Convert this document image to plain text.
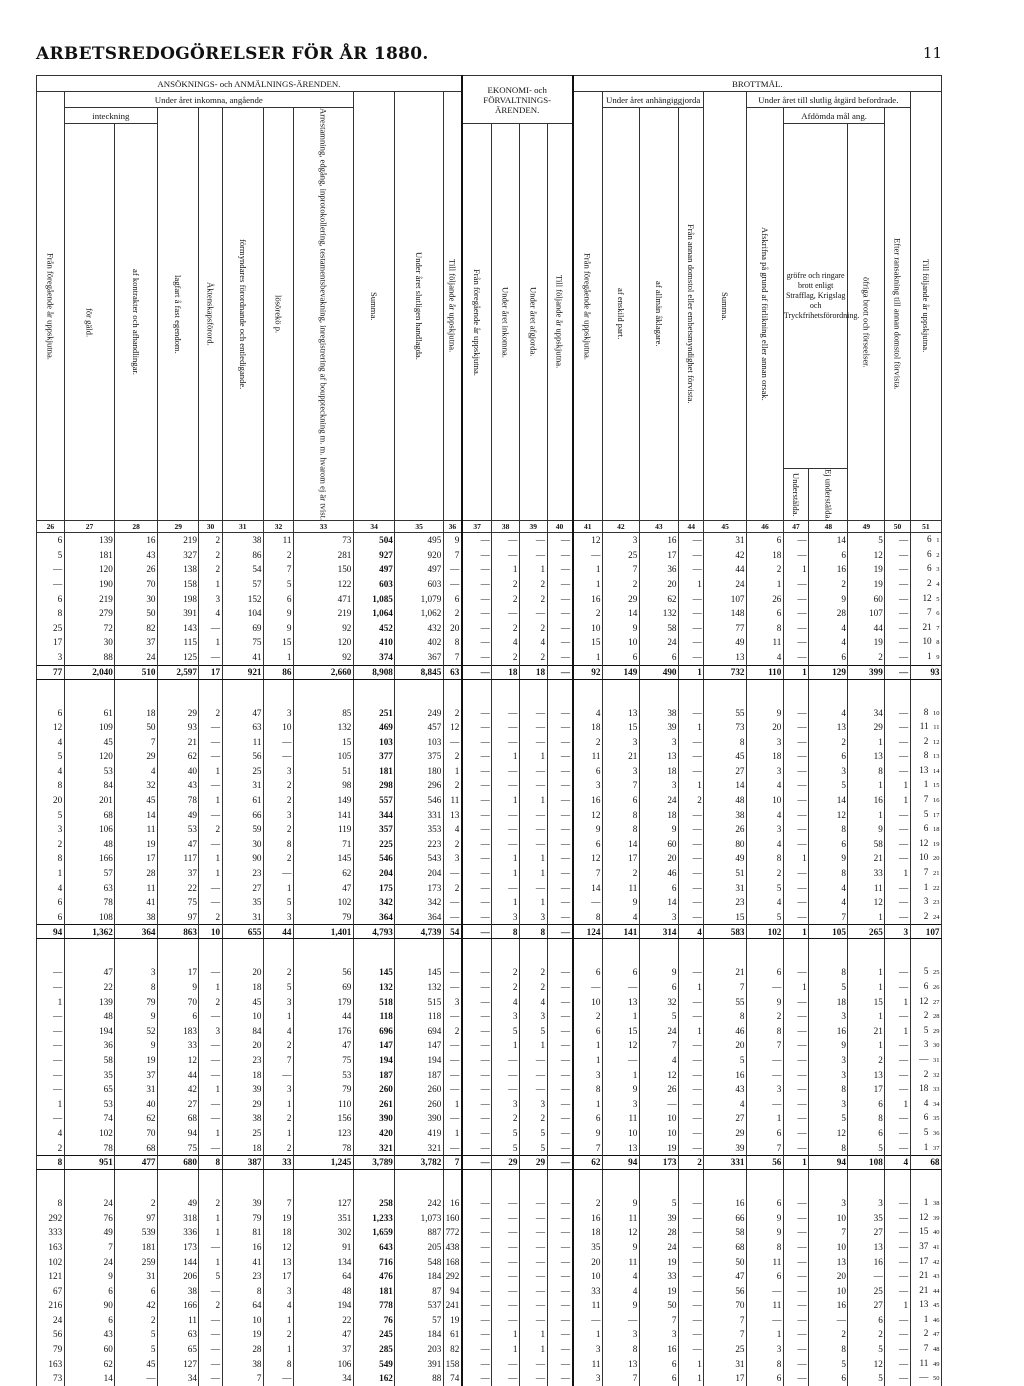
ARBETSREDOGÖRELSER FÖR ÅR 1880.	11
ANSÖKNINGS- och ANMÄLNINGS-ÄRENDEN.											EKONOMI- och FÖRVALTNINGS-ÄRENDEN.				BROTTMÅL.										

Från föregående år uppskjutna.	Under året inkomna, angående							Summa.	Under året slutligen handlagda.	Till följande år uppskjutna.					Från föregående år uppskjutna.	Under året anhängiggjorda			Summa.	Under året till slutlig åtgärd befordrade.					Till följande år uppskjutna.

	inteckning		lagfart å fast egendom.	Äktenskapsförord.	förmyndares förordnande och entledigande.	lösörekö p.	Arrestamning, edgång, inprotokollering, testamentsbevakning, inregistrering af bouppteckning m. m. hvarom ej är tvist.									af enskild part.	af allmän åklagare.	Från annan domstol eller embetsmyndighet förvista.		Afskrifna på grund af förlikning eller annan orsak.	Afdömda mål ang.			Efter ransakning till annan domstol förvista.	

	för gäld.	af kontrakter och afhandlingar.									Från föregående år uppskjutna.	Under året inkomna.	Under året afgjorda.	Till följande år uppskjutna.							gröfre och ringare brott enligt Strafflag, Krigslag och Tryckfrihetsförordning.		öfriga brott och förseelser.		

																					Understälda.	Ej understälda.			

26	27	28	29	30	31	32	33	34	35	36	37	38	39	40	41	42	43	44	45	46	47	48	49	50	51
6	139	16	219	2	38	11	73	504	495	9	—	—	—	—	12	3	16	—	31	6	—	14	5	—	6 1
5	181	43	327	2	86	2	281	927	920	7	—	—	—	—	—	25	17	—	42	18	—	6	12	—	6 2
—	120	26	138	2	54	7	150	497	497	—	—	1	1	—	1	7	36	—	44	2	1	16	19	—	6 3
—	190	70	158	1	57	5	122	603	603	—	—	2	2	—	1	2	20	1	24	1	—	2	19	—	2 4
6	219	30	198	3	152	6	471	1,085	1,079	6	—	2	2	—	16	29	62	—	107	26	—	9	60	—	12 5
8	279	50	391	4	104	9	219	1,064	1,062	2	—	—	—	—	2	14	132	—	148	6	—	28	107	—	7 6
25	72	82	143	—	69	9	92	452	432	20	—	2	2	—	10	9	58	—	77	8	—	4	44	—	21 7
17	30	37	115	1	75	15	120	410	402	8	—	4	4	—	15	10	24	—	49	11	—	4	19	—	10 8
3	88	24	125	—	41	1	92	374	367	7	—	2	2	—	1	6	6	—	13	4	—	6	2	—	1 9
77	2,040	510	2,597	17	921	86	2,660	8,908	8,845	63	—	18	18	—	92	149	490	1	732	110	1	129	399	—	93

6	61	18	29	2	47	3	85	251	249	2	—	—	—	—	4	13	38	—	55	9	—	4	34	—	8 10
12	109	50	93	—	63	10	132	469	457	12	—	—	—	—	18	15	39	1	73	20	—	13	29	—	11 11
4	45	7	21	—	11	—	15	103	103	—	—	—	—	—	2	3	3	—	8	3	—	2	1	—	2 12
5	120	29	62	—	56	—	105	377	375	2	—	1	1	—	11	21	13	—	45	18	—	6	13	—	8 13
4	53	4	40	1	25	3	51	181	180	1	—	—	—	—	6	3	18	—	27	3	—	3	8	—	13 14
8	84	32	43	—	31	2	98	298	296	2	—	—	—	—	3	7	3	1	14	4	—	5	1	1	1 15
20	201	45	78	1	61	2	149	557	546	11	—	1	1	—	16	6	24	2	48	10	—	14	16	1	7 16
5	68	14	49	—	66	3	141	344	331	13	—	—	—	—	12	8	18	—	38	4	—	12	1	—	5 17
3	106	11	53	2	59	2	119	357	353	4	—	—	—	—	9	8	9	—	26	3	—	8	9	—	6 18
2	48	19	47	—	30	8	71	225	223	2	—	—	—	—	6	14	60	—	80	4	—	6	58	—	12 19
8	166	17	117	1	90	2	145	546	543	3	—	1	1	—	12	17	20	—	49	8	1	9	21	—	10 20
1	57	28	37	1	23	—	62	204	204	—	—	1	1	—	7	2	46	—	51	2	—	8	33	1	7 21
4	63	11	22	—	27	1	47	175	173	2	—	—	—	—	14	11	6	—	31	5	—	4	11	—	1 22
6	78	41	75	—	35	5	102	342	342	—	—	1	1	—	—	9	14	—	23	4	—	4	12	—	3 23
6	108	38	97	2	31	3	79	364	364	—	—	3	3	—	8	4	3	—	15	5	—	7	1	—	2 24
94	1,362	364	863	10	655	44	1,401	4,793	4,739	54	—	8	8	—	124	141	314	4	583	102	1	105	265	3	107

—	47	3	17	—	20	2	56	145	145	—	—	2	2	—	6	6	9	—	21	6	—	8	1	—	5 25
—	22	8	9	1	18	5	69	132	132	—	—	2	2	—	—	—	6	1	7	—	1	5	1	—	6 26
1	139	79	70	2	45	3	179	518	515	3	—	4	4	—	10	13	32	—	55	9	—	18	15	1	12 27
—	48	9	6	—	10	1	44	118	118	—	—	3	3	—	2	1	5	—	8	2	—	3	1	—	2 28
—	194	52	183	3	84	4	176	696	694	2	—	5	5	—	6	15	24	1	46	8	—	16	21	1	5 29
—	36	9	33	—	20	2	47	147	147	—	—	1	1	—	1	12	7	—	20	7	—	9	1	—	3 30
—	58	19	12	—	23	7	75	194	194	—	—	—	—	—	1	—	4	—	5	—	—	3	2	—	— 31
—	35	37	44	—	18	—	53	187	187	—	—	—	—	—	3	1	12	—	16	—	—	3	13	—	2 32
—	65	31	42	1	39	3	79	260	260	—	—	—	—	—	8	9	26	—	43	3	—	8	17	—	18 33
1	53	40	27	—	29	1	110	261	260	1	—	3	3	—	1	3	—	—	4	—	—	3	6	1	4 34
—	74	62	68	—	38	2	156	390	390	—	—	2	2	—	6	11	10	—	27	1	—	5	8	—	6 35
4	102	70	94	1	25	1	123	420	419	1	—	5	5	—	9	10	10	—	29	6	—	12	6	—	5 36
2	78	68	75	—	18	2	78	321	321	—	—	5	5	—	7	13	19	—	39	7	—	8	5	—	1 37
8	951	477	680	8	387	33	1,245	3,789	3,782	7	—	29	29	—	62	94	173	2	331	56	1	94	108	4	68

8	24	2	49	2	39	7	127	258	242	16	—	—	—	—	2	9	5	—	16	6	—	3	3	—	1 38
292	76	97	318	1	79	19	351	1,233	1,073	160	—	—	—	—	16	11	39	—	66	9	—	10	35	—	12 39
333	49	539	336	1	81	18	302	1,659	887	772	—	—	—	—	18	12	28	—	58	9	—	7	27	—	15 40
163	7	181	173	—	16	12	91	643	205	438	—	—	—	—	35	9	24	—	68	8	—	10	13	—	37 41
102	24	259	144	1	41	13	134	716	548	168	—	—	—	—	20	11	19	—	50	11	—	13	16	—	17 42
121	9	31	206	5	23	17	64	476	184	292	—	—	—	—	10	4	33	—	47	6	—	20	—	—	21 43
67	6	6	38	—	8	3	48	181	87	94	—	—	—	—	33	4	19	—	56	—	—	10	25	—	21 44
216	90	42	166	2	64	4	194	778	537	241	—	—	—	—	11	9	50	—	70	11	—	16	27	1	13 45
24	6	2	11	—	10	1	22	76	57	19	—	—	—	—	—	—	7	—	7	—	—	—	6	—	1 46
56	43	5	63	—	19	2	47	245	184	61	—	1	1	—	1	3	3	—	7	1	—	2	2	—	2 47
79	60	5	65	—	28	1	37	285	203	82	—	1	1	—	3	8	16	—	25	3	—	8	5	—	7 48
163	62	45	127	—	38	8	106	549	391	158	—	—	—	—	11	13	6	1	31	8	—	5	12	—	11 49
73	14	—	34	—	7	—	34	162	88	74	—	—	—	—	3	7	6	1	17	6	—	6	5	—	— 50
